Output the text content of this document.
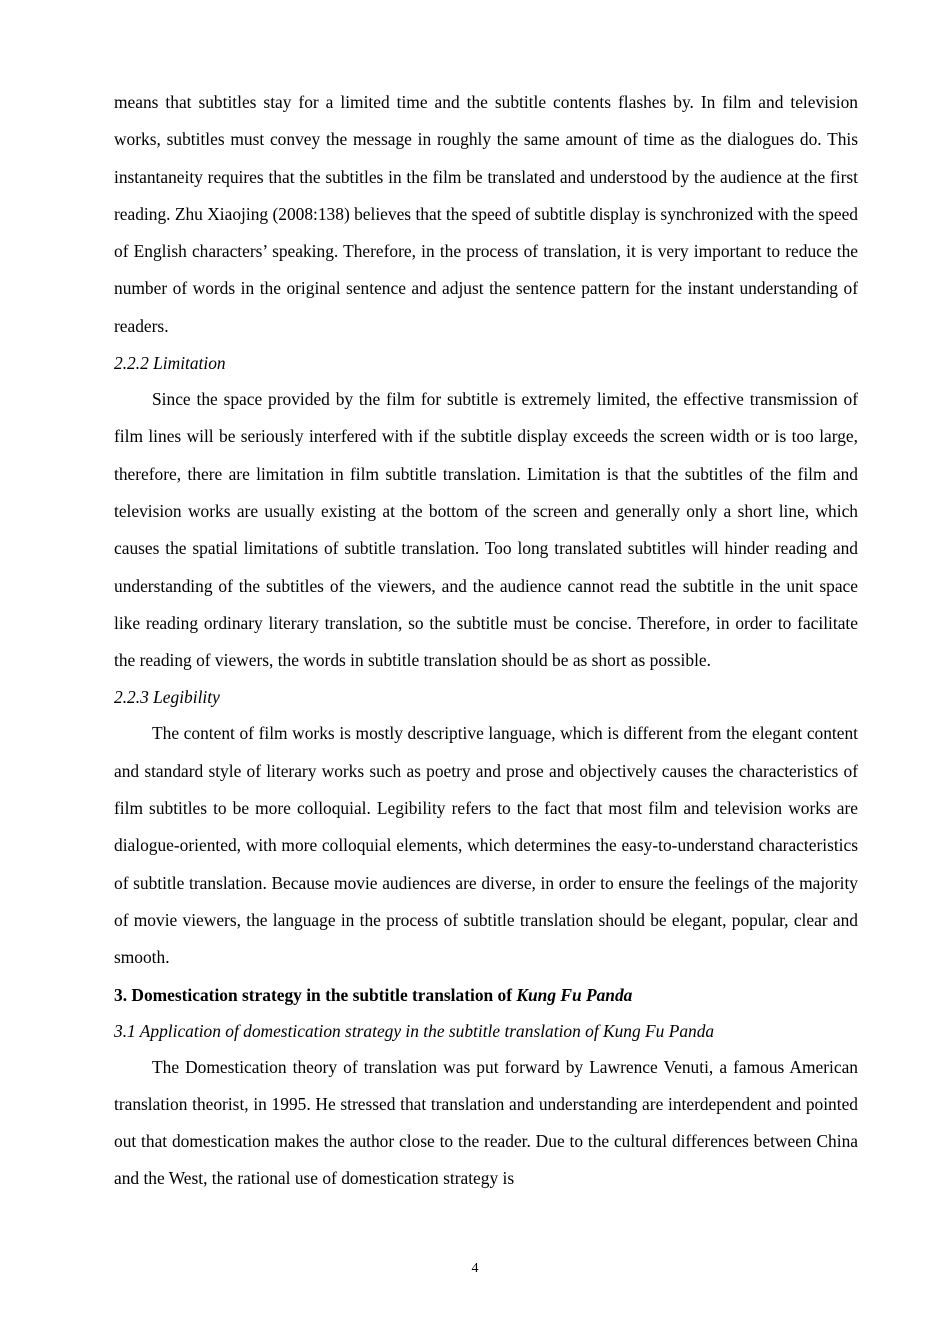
means that subtitles stay for a limited time and the subtitle contents flashes by. In film and television works, subtitles must convey the message in roughly the same amount of time as the dialogues do. This instantaneity requires that the subtitles in the film be translated and understood by the audience at the first reading. Zhu Xiaojing (2008:138) believes that the speed of subtitle display is synchronized with the speed of English characters’ speaking. Therefore, in the process of translation, it is very important to reduce the number of words in the original sentence and adjust the sentence pattern for the instant understanding of readers.

2.2.2 Limitation

Since the space provided by the film for subtitle is extremely limited, the effective transmission of film lines will be seriously interfered with if the subtitle display exceeds the screen width or is too large, therefore, there are limitation in film subtitle translation. Limitation is that the subtitles of the film and television works are usually existing at the bottom of the screen and generally only a short line, which causes the spatial limitations of subtitle translation. Too long translated subtitles will hinder reading and understanding of the subtitles of the viewers, and the audience cannot read the subtitle in the unit space like reading ordinary literary translation, so the subtitle must be concise. Therefore, in order to facilitate the reading of viewers, the words in subtitle translation should be as short as possible.

2.2.3 Legibility

The content of film works is mostly descriptive language, which is different from the elegant content and standard style of literary works such as poetry and prose and objectively causes the characteristics of film subtitles to be more colloquial. Legibility refers to the fact that most film and television works are dialogue-oriented, with more colloquial elements, which determines the easy-to-understand characteristics of subtitle translation. Because movie audiences are diverse, in order to ensure the feelings of the majority of movie viewers, the language in the process of subtitle translation should be elegant, popular, clear and smooth.

3. Domestication strategy in the subtitle translation of Kung Fu Panda

3.1 Application of domestication strategy in the subtitle translation of Kung Fu Panda

The Domestication theory of translation was put forward by Lawrence Venuti, a famous American translation theorist, in 1995. He stressed that translation and understanding are interdependent and pointed out that domestication makes the author close to the reader. Due to the cultural differences between China and the West, the rational use of domestication strategy is

4
